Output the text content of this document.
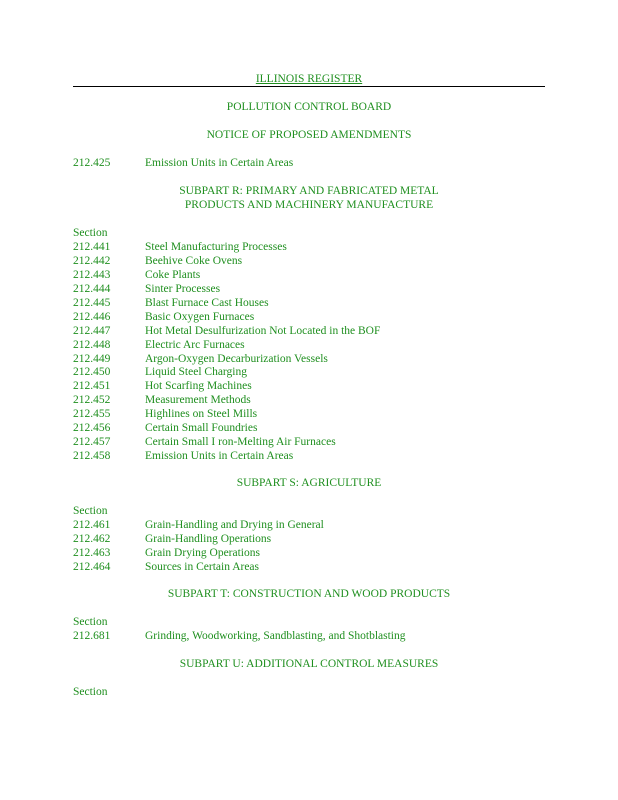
ILLINOIS REGISTER
POLLUTION CONTROL BOARD
NOTICE OF PROPOSED AMENDMENTS
212.425	Emission Units in Certain Areas
SUBPART R: PRIMARY AND FABRICATED METAL
PRODUCTS AND MACHINERY MANUFACTURE
Section
212.441	Steel Manufacturing Processes
212.442	Beehive Coke Ovens
212.443	Coke Plants
212.444	Sinter Processes
212.445	Blast Furnace Cast Houses
212.446	Basic Oxygen Furnaces
212.447	Hot Metal Desulfurization Not Located in the BOF
212.448	Electric Arc Furnaces
212.449	Argon-Oxygen Decarburization Vessels
212.450	Liquid Steel Charging
212.451	Hot Scarfing Machines
212.452	Measurement Methods
212.455	Highlines on Steel Mills
212.456	Certain Small Foundries
212.457	Certain Small I ron-Melting Air Furnaces
212.458	Emission Units in Certain Areas
SUBPART S: AGRICULTURE
Section
212.461	Grain-Handling and Drying in General
212.462	Grain-Handling Operations
212.463	Grain Drying Operations
212.464	Sources in Certain Areas
SUBPART T: CONSTRUCTION AND WOOD PRODUCTS
Section
212.681	Grinding, Woodworking, Sandblasting, and Shotblasting
SUBPART U: ADDITIONAL CONTROL MEASURES
Section
